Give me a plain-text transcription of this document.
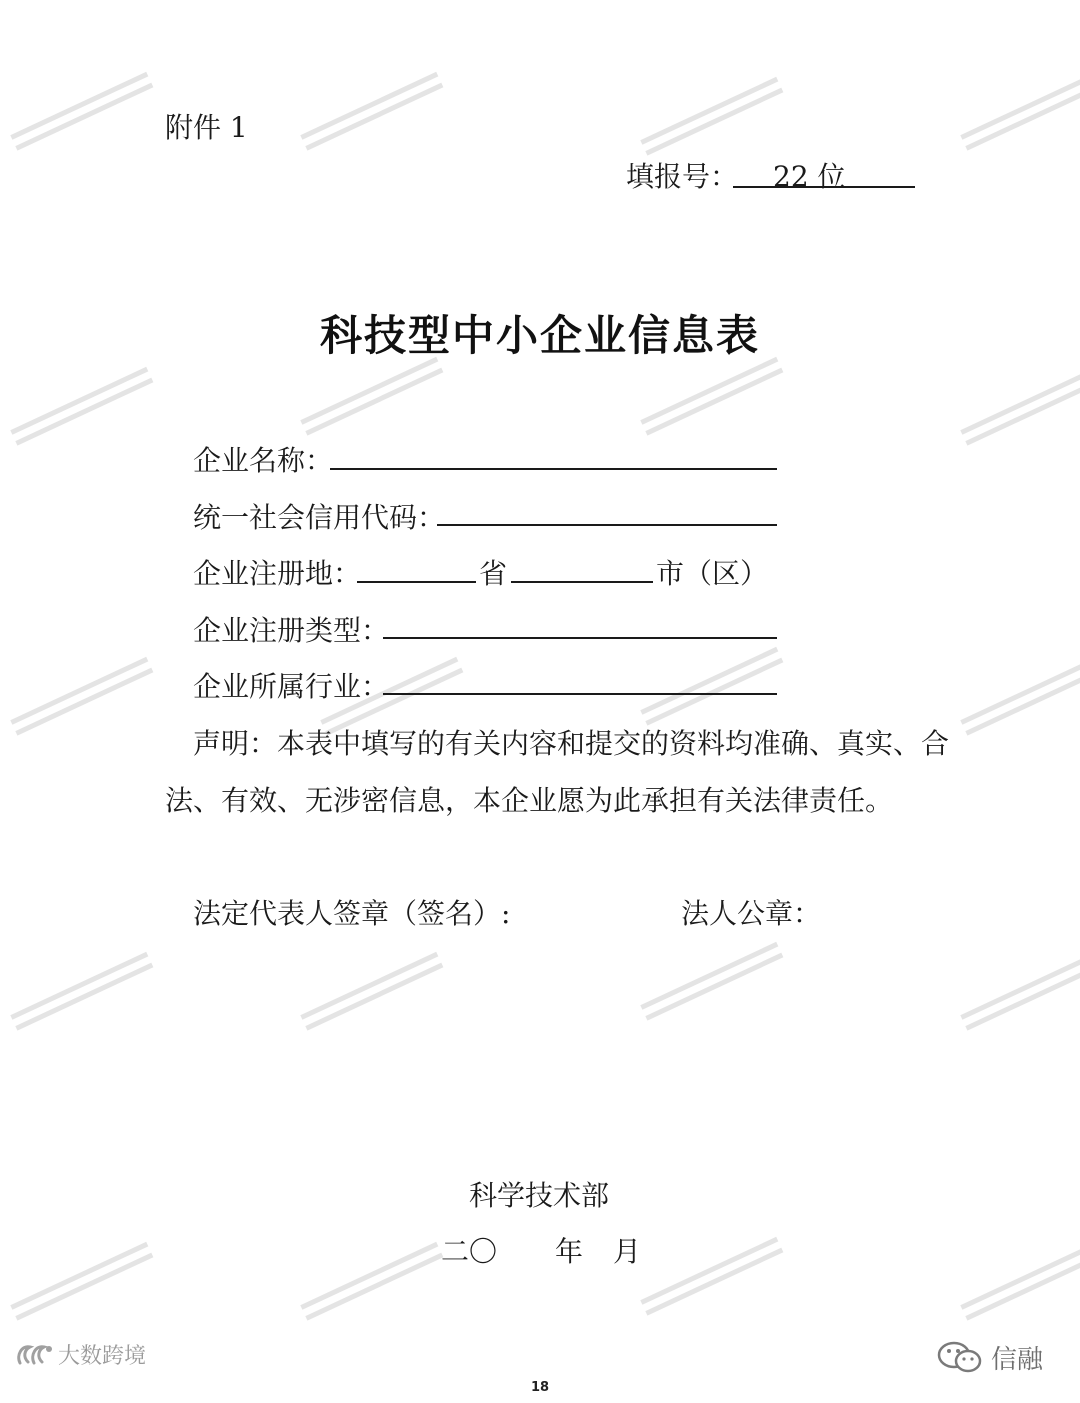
附件 1
填报号： 22 位
科技型中小企业信息表
企业名称：
统一社会信用代码：
企业注册地：	省	市（区）
企业注册类型：
企业所属行业：
声明：本表中填写的有关内容和提交的资料均准确、真实、合
法、有效、无涉密信息，本企业愿为此承担有关法律责任。
法定代表人签章（签名）:	法人公章：
科学技术部
二〇 年 月
大数跨境	信融
18
